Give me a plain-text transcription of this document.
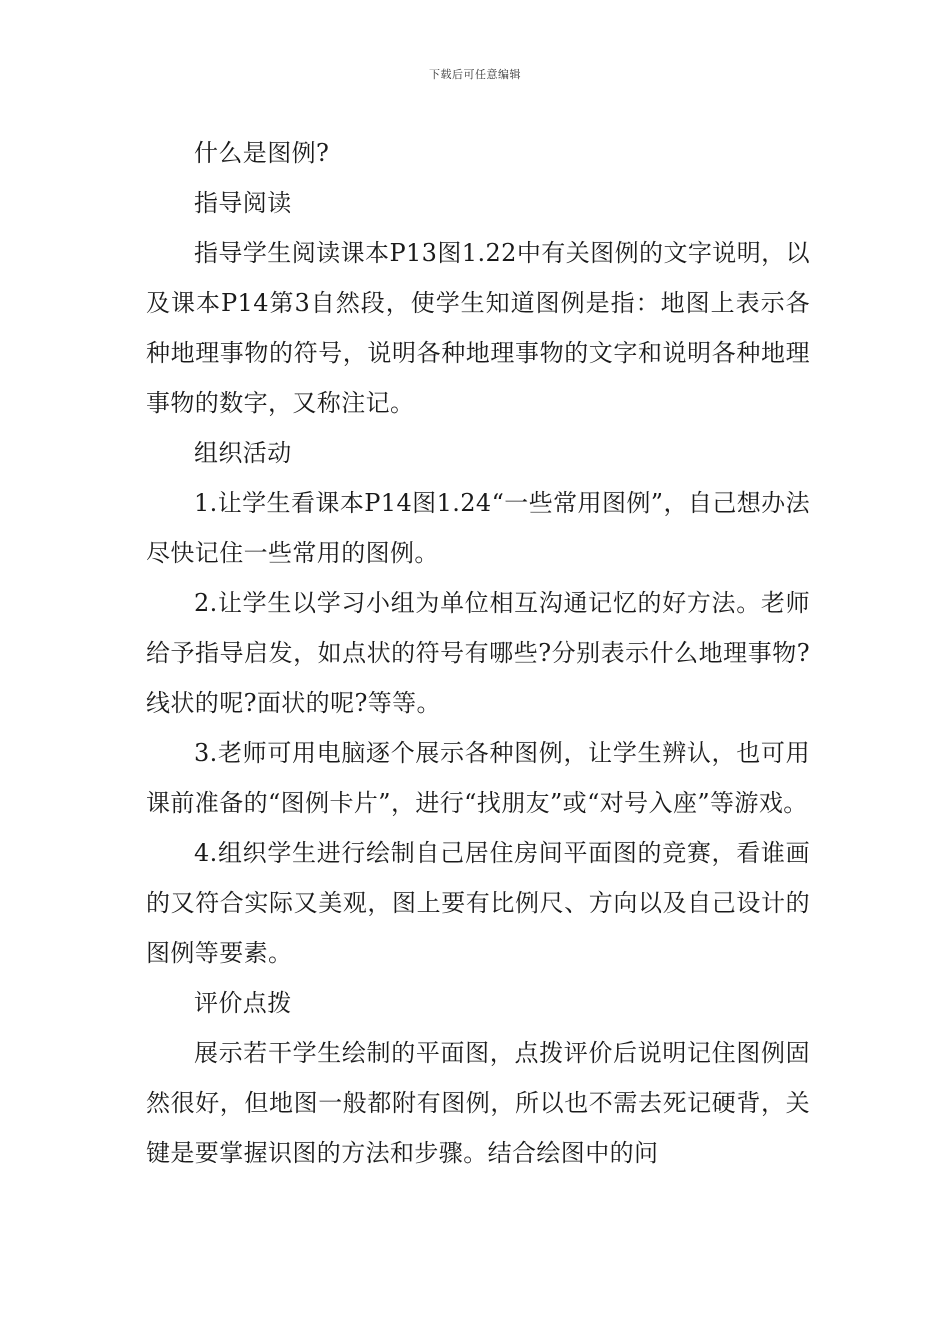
下载后可任意编辑

什么是图例?

指导阅读

指导学生阅读课本P13图1.22中有关图例的文字说明，以及课本P14第3自然段，使学生知道图例是指：地图上表示各种地理事物的符号，说明各种地理事物的文字和说明各种地理事物的数字，又称注记。

组织活动

1.让学生看课本P14图1.24“一些常用图例”，自己想办法尽快记住一些常用的图例。

2.让学生以学习小组为单位相互沟通记忆的好方法。老师给予指导启发，如点状的符号有哪些?分别表示什么地理事物?线状的呢?面状的呢?等等。

3.老师可用电脑逐个展示各种图例，让学生辨认，也可用课前准备的“图例卡片”，进行“找朋友”或“对号入座”等游戏。

4.组织学生进行绘制自己居住房间平面图的竞赛，看谁画的又符合实际又美观，图上要有比例尺、方向以及自己设计的图例等要素。

评价点拨

展示若干学生绘制的平面图，点拨评价后说明记住图例固然很好，但地图一般都附有图例，所以也不需去死记硬背，关键是要掌握识图的方法和步骤。结合绘图中的问
